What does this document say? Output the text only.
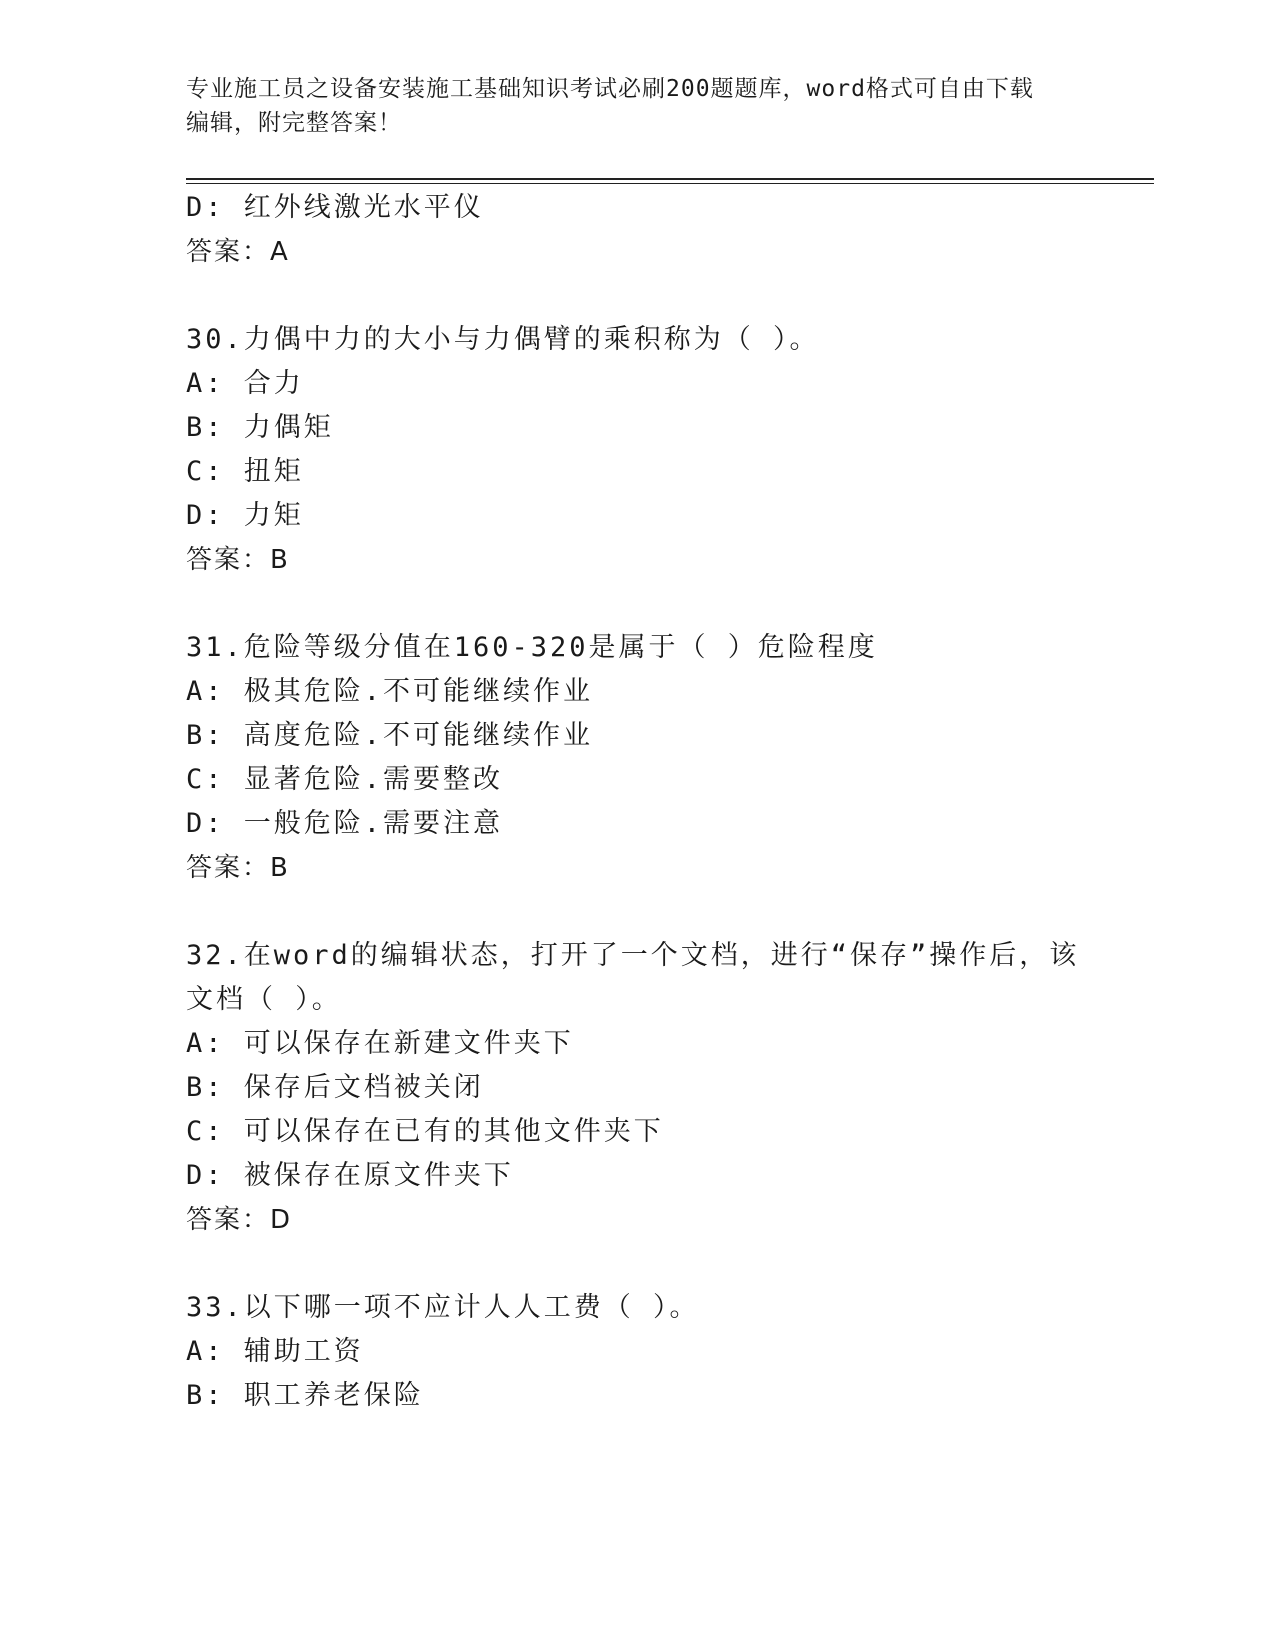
专业施工员之设备安装施工基础知识考试必刷200题题库，word格式可自由下载
编辑，附完整答案！
D: 红外线激光水平仪
答案：A
30.力偶中力的大小与力偶臂的乘积称为（ ）。
A: 合力
B: 力偶矩
C: 扭矩
D: 力矩
答案：B
31.危险等级分值在160-320是属于（ ）危险程度
A: 极其危险.不可能继续作业
B: 高度危险.不可能继续作业
C: 显著危险.需要整改
D: 一般危险.需要注意
答案：B
32.在word的编辑状态，打开了一个文档，进行“保存”操作后，该
文档（ ）。
A: 可以保存在新建文件夹下
B: 保存后文档被关闭
C: 可以保存在已有的其他文件夹下
D: 被保存在原文件夹下
答案：D
33.以下哪一项不应计人人工费（ ）。
A: 辅助工资
B: 职工养老保险
